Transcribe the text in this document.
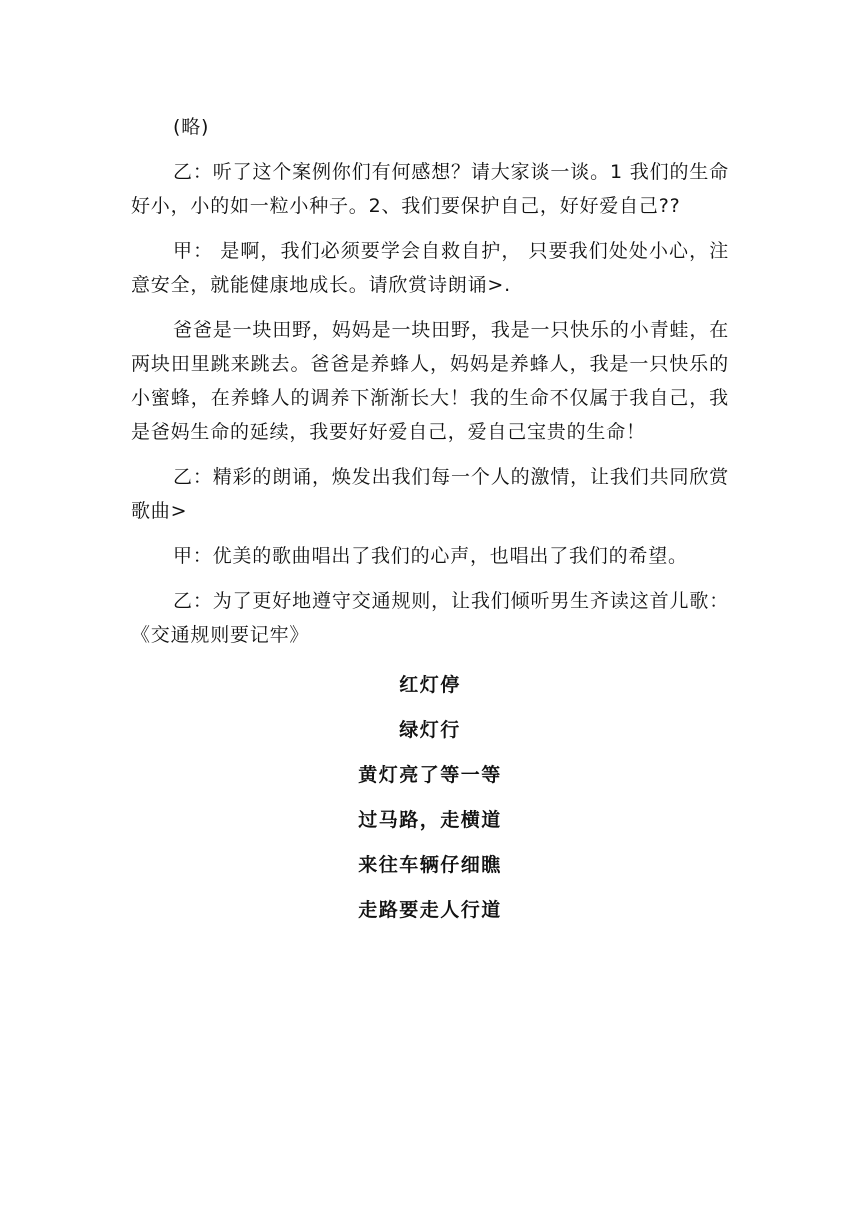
(略)

乙：听了这个案例你们有何感想？请大家谈一谈。1 我们的生命好小，小的如一粒小种子。2、我们要保护自己，好好爱自己??

甲： 是啊，我们必须要学会自救自护， 只要我们处处小心，注意安全，就能健康地成长。请欣赏诗朗诵>.

爸爸是一块田野，妈妈是一块田野，我是一只快乐的小青蛙，在两块田里跳来跳去。爸爸是养蜂人，妈妈是养蜂人，我是一只快乐的小蜜蜂，在养蜂人的调养下渐渐长大！我的生命不仅属于我自己，我是爸妈生命的延续，我要好好爱自己，爱自己宝贵的生命！

乙：精彩的朗诵，焕发出我们每一个人的激情，让我们共同欣赏歌曲>

甲：优美的歌曲唱出了我们的心声，也唱出了我们的希望。

乙：为了更好地遵守交通规则，让我们倾听男生齐读这首儿歌： 《交通规则要记牢》

红灯停

绿灯行

黄灯亮了等一等

过马路，走横道

来往车辆仔细瞧

走路要走人行道
